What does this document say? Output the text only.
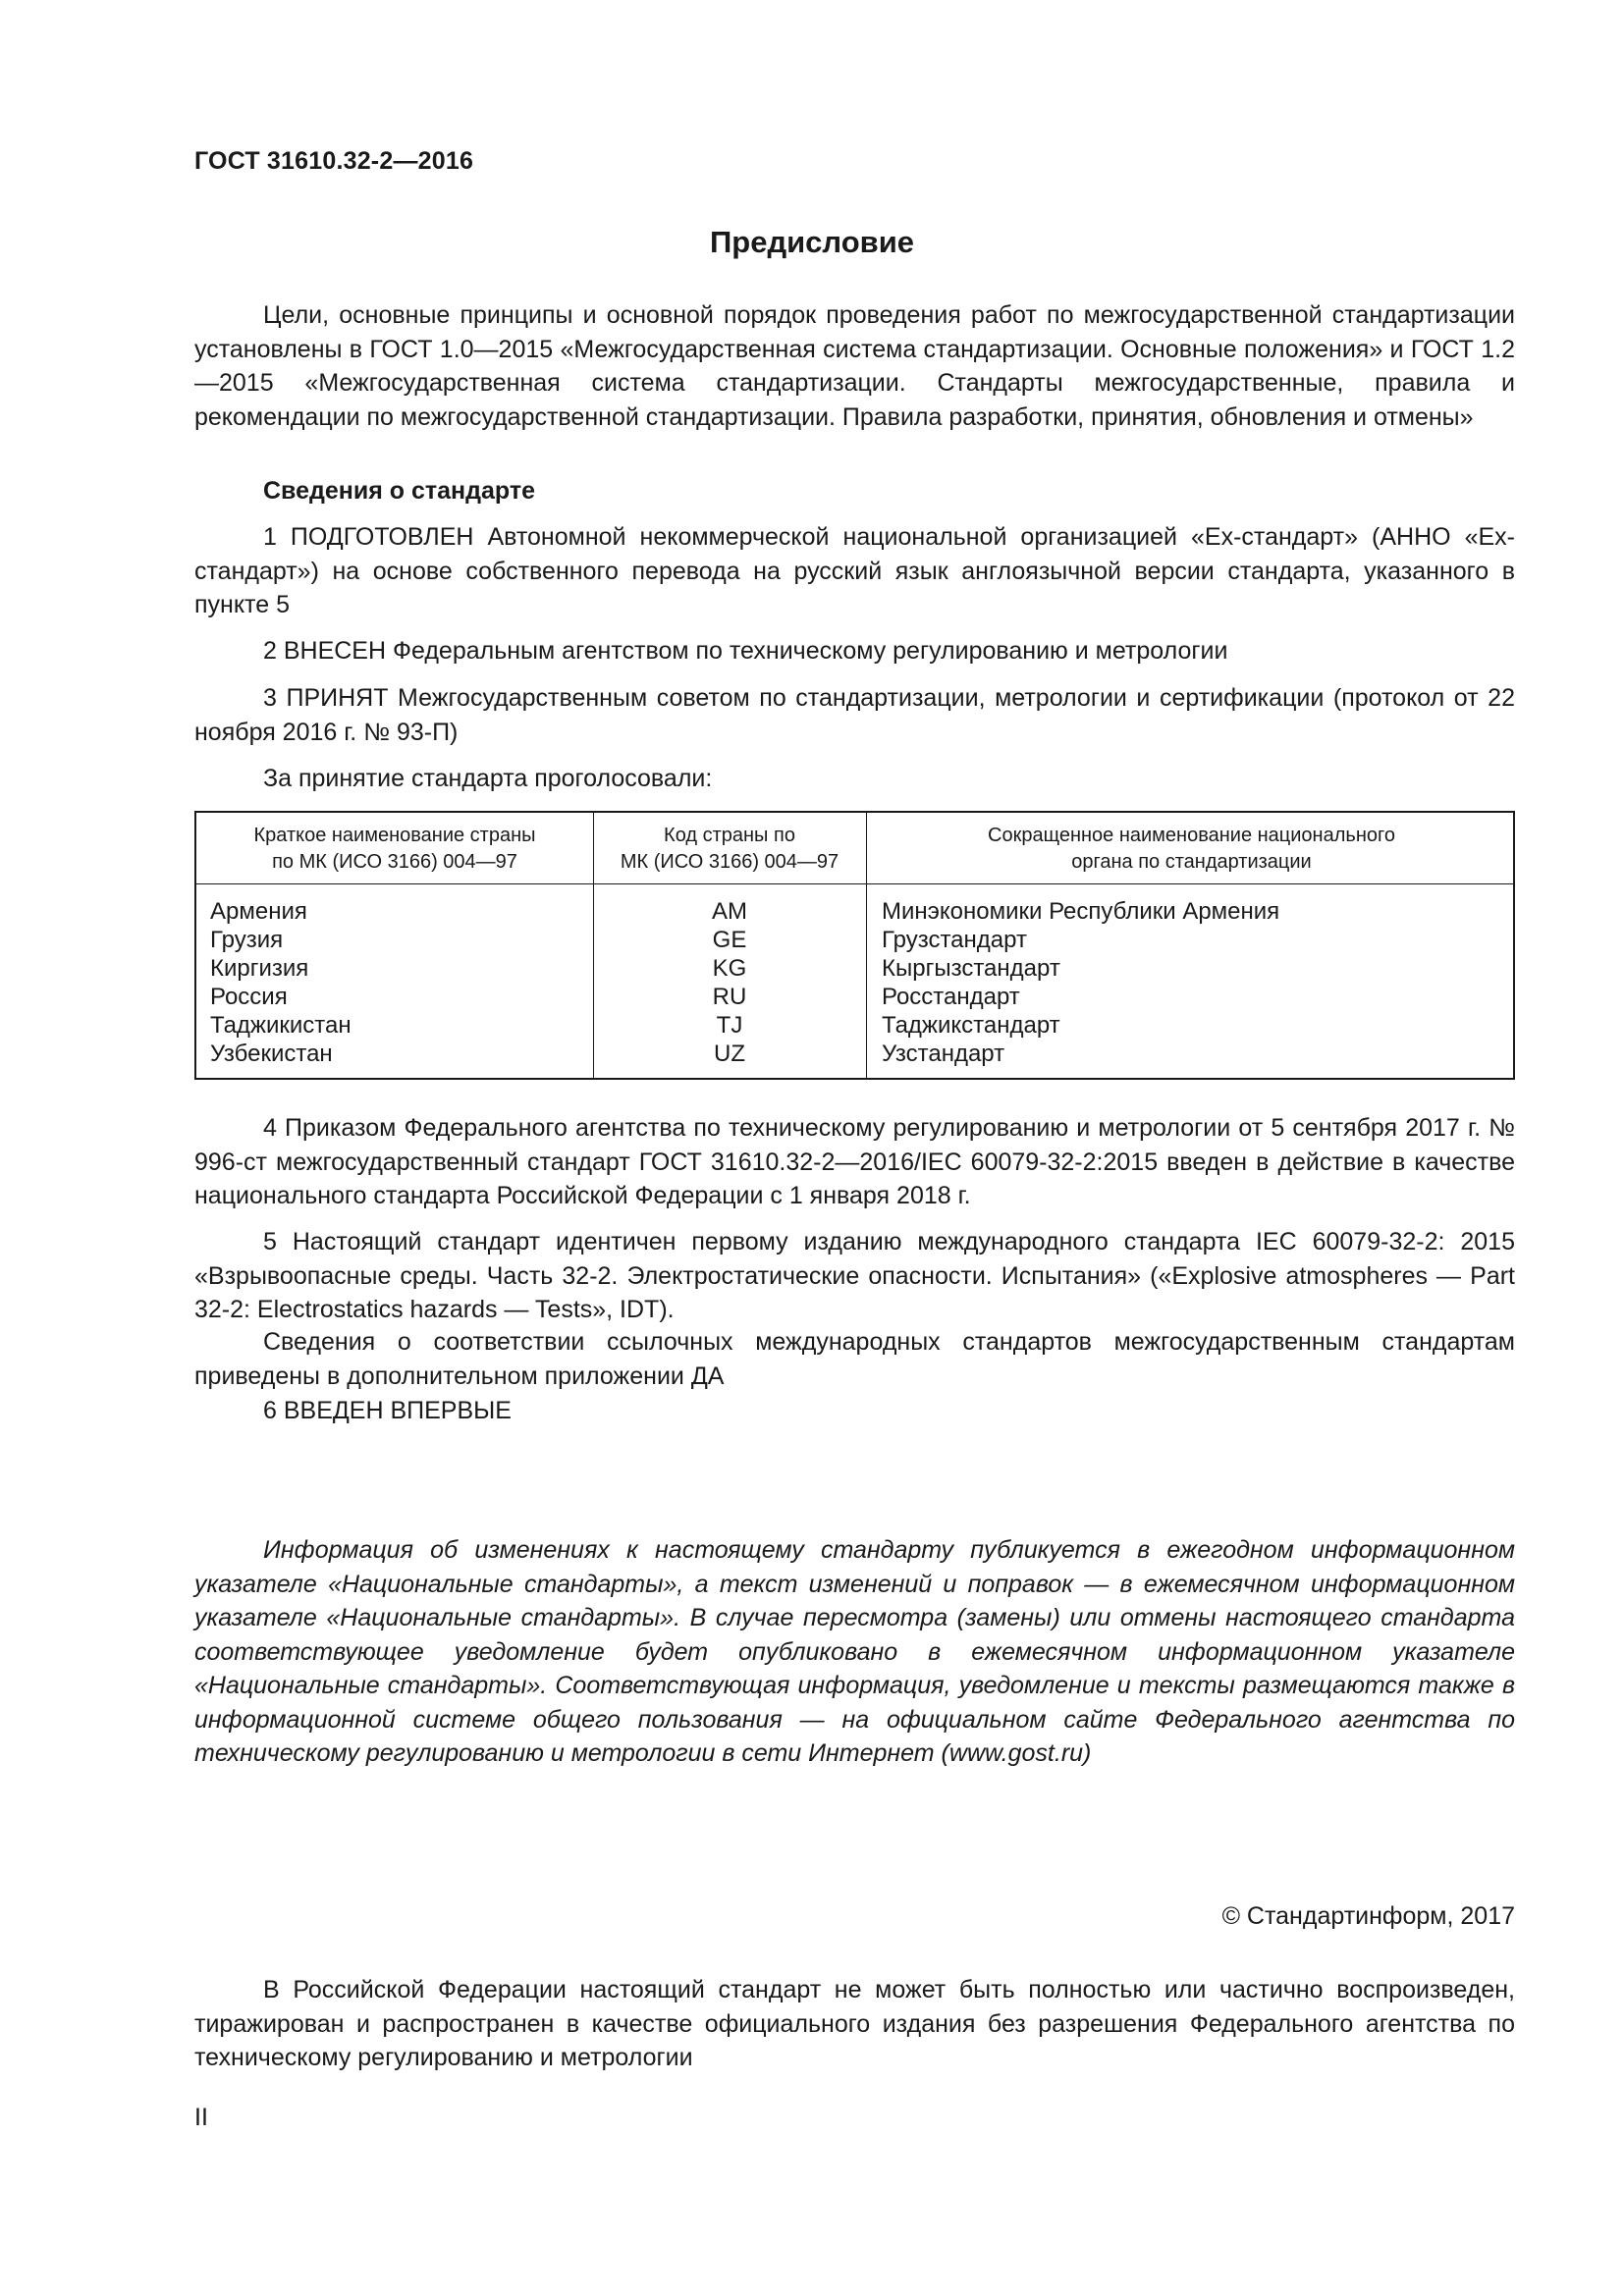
ГОСТ 31610.32-2—2016
Предисловие

Цели, основные принципы и основной порядок проведения работ по межгосударственной стандартизации установлены в ГОСТ 1.0—2015 «Межгосударственная система стандартизации. Основные положения» и ГОСТ 1.2—2015 «Межгосударственная система стандартизации. Стандарты межгосударственные, правила и рекомендации по межгосударственной стандартизации. Правила разработки, принятия, обновления и отмены»

Сведения о стандарте

1 ПОДГОТОВЛЕН Автономной некоммерческой национальной организацией «Ех-стандарт» (АННО «Ех-стандарт») на основе собственного перевода на русский язык англоязычной версии стандарта, указанного в пункте 5

2 ВНЕСЕН Федеральным агентством по техническому регулированию и метрологии

3 ПРИНЯТ Межгосударственным советом по стандартизации, метрологии и сертификации (протокол от 22 ноября 2016 г. № 93-П)

За принятие стандарта проголосовали:

Краткое наименование страны
по МК (ИСО 3166) 004—97
Код страны по
МК (ИСО 3166) 004—97
Сокращенное наименование национального
органа по стандартизации
Армения
Грузия
Киргизия
Россия
Таджикистан
Узбекистан
AM
GE
KG
RU
TJ
UZ
Минэкономики Республики Армения
Грузстандарт
Кыргызстандарт
Росстандарт
Таджикстандарт
Узстандарт

4 Приказом Федерального агентства по техническому регулированию и метрологии от 5 сентября 2017 г. № 996-ст межгосударственный стандарт ГОСТ 31610.32-2—2016/IEC 60079-32-2:2015 введен в действие в качестве национального стандарта Российской Федерации с 1 января 2018 г.

5 Настоящий стандарт идентичен первому изданию международного стандарта IEC 60079-32-2: 2015 «Взрывоопасные среды. Часть 32-2. Электростатические опасности. Испытания» («Explosive atmospheres — Part 32-2: Electrostatics hazards — Tests», IDT).

Сведения о соответствии ссылочных международных стандартов межгосударственным стандартам приведены в дополнительном приложении ДА

6 ВВЕДЕН ВПЕРВЫЕ

Информация об изменениях к настоящему стандарту публикуется в ежегодном информационном указателе «Национальные стандарты», а текст изменений и поправок — в ежемесячном информационном указателе «Национальные стандарты». В случае пересмотра (замены) или отмены настоящего стандарта соответствующее уведомление будет опубликовано в ежемесячном информационном указателе «Национальные стандарты». Соответствующая информация, уведомление и тексты размещаются также в информационной системе общего пользования — на официальном сайте Федерального агентства по техническому регулированию и метрологии в сети Интернет (www.gost.ru)

© Стандартинформ, 2017

В Российской Федерации настоящий стандарт не может быть полностью или частично воспроизведен, тиражирован и распространен в качестве официального издания без разрешения Федерального агентства по техническому регулированию и метрологии

II
